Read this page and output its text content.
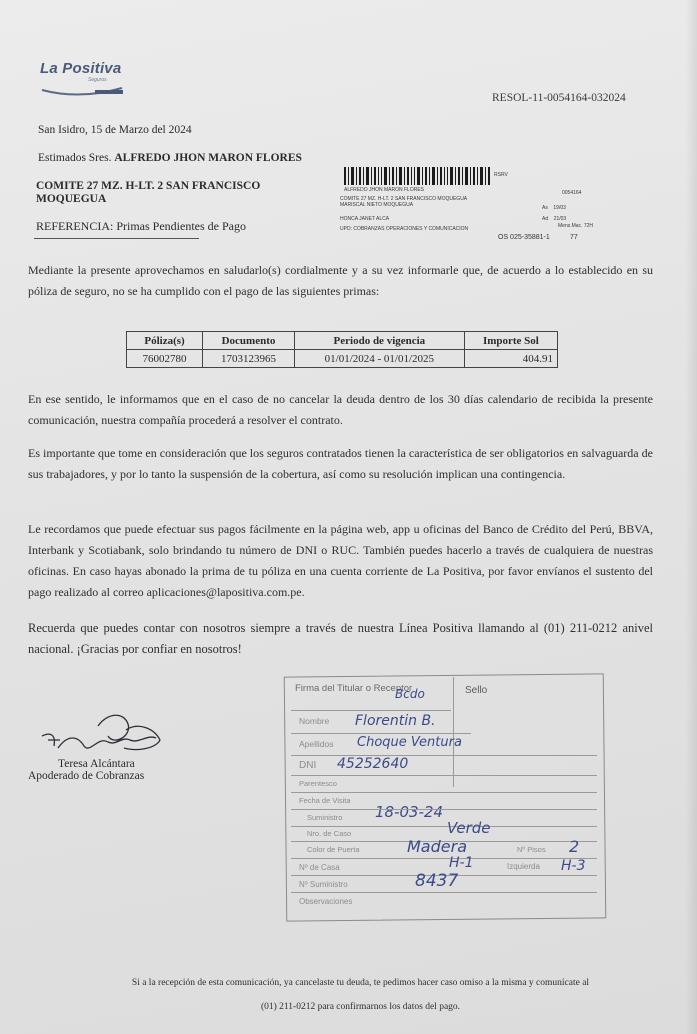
La Positiva
Seguros
RESOL-11-0054164-032024
San Isidro, 15 de Marzo del 2024
Estimados Sres. ALFREDO JHON MARON FLORES
COMITE 27 MZ. H-LT. 2 SAN FRANCISCO
MOQUEGUA
REFERENCIA: Primas Pendientes de Pago
RSRV
ALFREDO JHON MARON FLORES	0054164
COMITE 27 MZ. H-LT. 2 SAN FRANCISCO MOQUEGUA
MARISCAL NIETO MOQUEGUA	As 19/03
HONCA JANET ALCA	Ad 21/03
Mens.Mac. 72H
UPD: COBRANZAS OPERACIONES Y COMUNICACION
OS 025-35881-1	77
Mediante la presente aprovechamos en saludarlo(s) cordialmente y a su vez informarle que, de acuerdo a lo establecido en su póliza de seguro, no se ha cumplido con el pago de las siguientes primas:
Póliza(s)	Documento	Periodo de vigencia	Importe Sol
76002780	1703123965	01/01/2024 - 01/01/2025	404.91
En ese sentido, le informamos que en el caso de no cancelar la deuda dentro de los 30 días calendario de recibida la presente comunicación, nuestra compañía procederá a resolver el contrato.
Es importante que tome en consideración que los seguros contratados tienen la característica de ser obligatorios en salvaguarda de sus trabajadores, y por lo tanto la suspensión de la cobertura, así como su resolución implican una contingencia.
Le recordamos que puede efectuar sus pagos fácilmente en la página web, app u oficinas del Banco de Crédito del Perú, BBVA, Interbank y Scotiabank, solo brindando tu número de DNI o RUC. También puedes hacerlo a través de cualquiera de nuestras oficinas. En caso hayas abonado la prima de tu póliza en una cuenta corriente de La Positiva, por favor envíanos el sustento del pago realizado al correo aplicaciones@lapositiva.com.pe.
Recuerda que puedes contar con nosotros siempre a través de nuestra Línea Positiva llamando al (01) 211-0212 anivel nacional. ¡Gracias por confiar en nosotros!
Teresa Alcántara
Apoderado de Cobranzas
Firma del Titular o Receptor	Sello
Bcdo
Nombre Florentin B.
Apellidos Choque Ventura
DNI 45252640
Parentesco
Fecha de Visita
18-03-24
Suministro
Nro. de Caso	Verde
Color de Puerta	Madera	Nº Pisos 2
Nº de Casa	H-1	Izquierda H-3
Nº Suministro	8437
Observaciones
Si a la recepción de esta comunicación, ya cancelaste tu deuda, te pedimos hacer caso omiso a la misma y comunícate al
(01) 211-0212 para confirmarnos los datos del pago.
